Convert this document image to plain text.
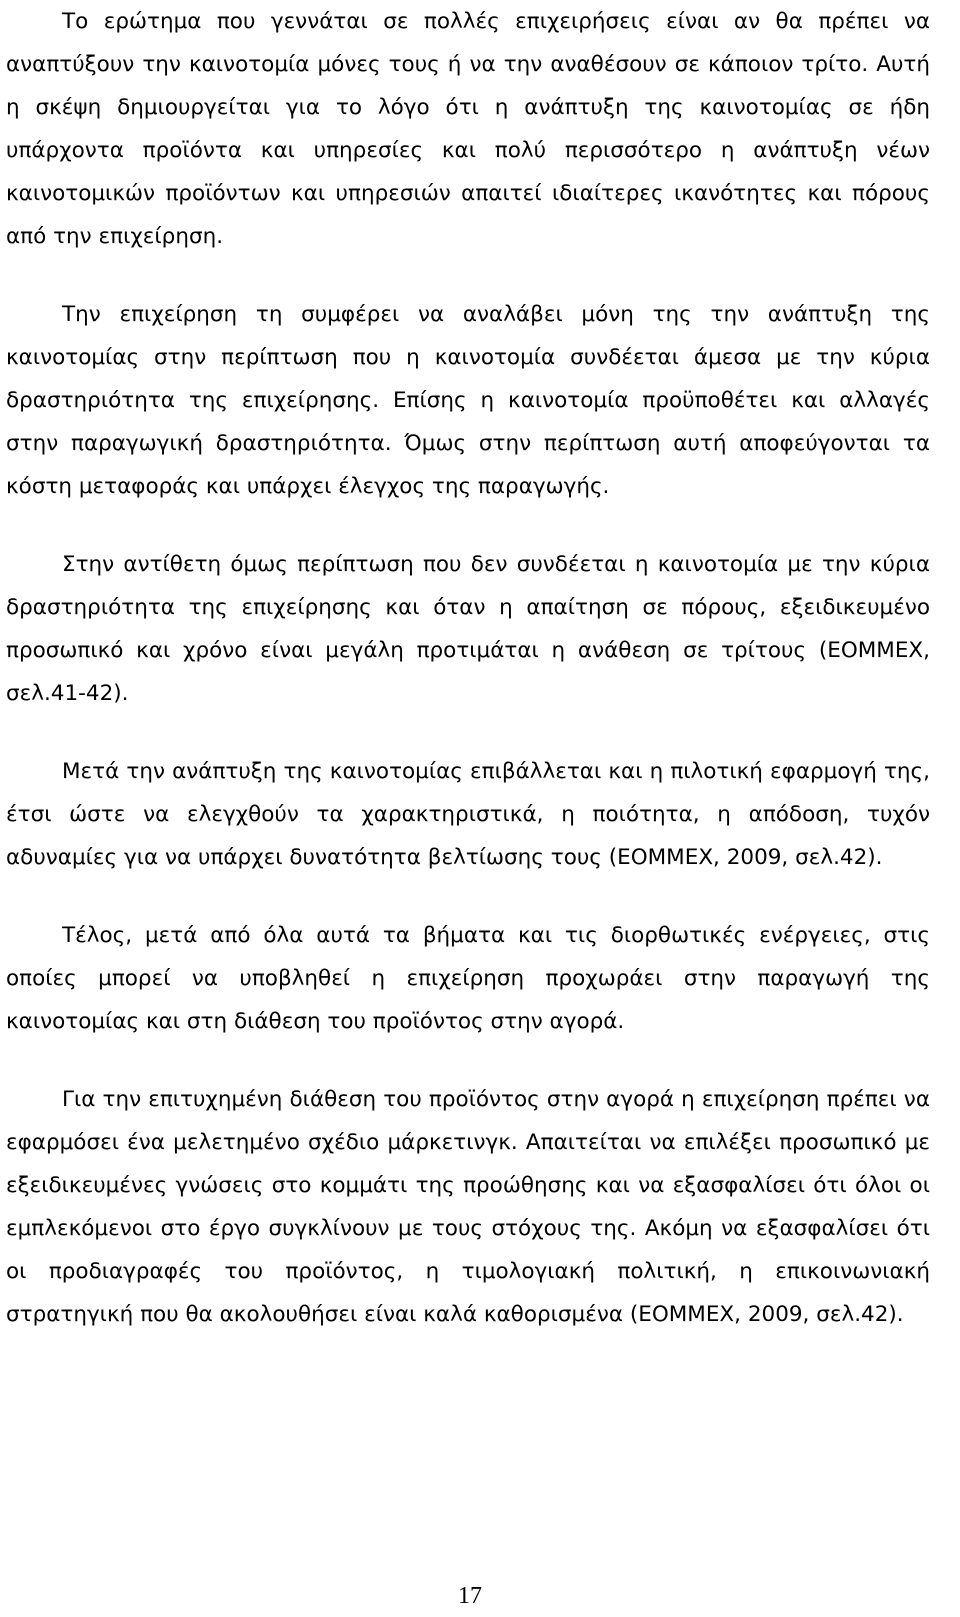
Το ερώτημα που γεννάται σε πολλές επιχειρήσεις είναι αν θα πρέπει να αναπτύξουν την καινοτομία μόνες τους ή να την αναθέσουν σε κάποιον τρίτο. Αυτή η σκέψη δημιουργείται για το λόγο ότι η ανάπτυξη της καινοτομίας σε ήδη υπάρχοντα προϊόντα και υπηρεσίες και πολύ περισσότερο η ανάπτυξη νέων καινοτομικών προϊόντων και υπηρεσιών απαιτεί ιδιαίτερες ικανότητες και πόρους από την επιχείρηση.

Την επιχείρηση τη συμφέρει να αναλάβει μόνη της την ανάπτυξη της καινοτομίας στην περίπτωση που η καινοτομία συνδέεται άμεσα με την κύρια δραστηριότητα της επιχείρησης. Επίσης η καινοτομία προϋποθέτει και αλλαγές στην παραγωγική δραστηριότητα. Όμως στην περίπτωση αυτή αποφεύγονται τα κόστη μεταφοράς και υπάρχει έλεγχος της παραγωγής.

Στην αντίθετη όμως περίπτωση που δεν συνδέεται η καινοτομία με την κύρια δραστηριότητα της επιχείρησης και όταν η απαίτηση σε πόρους, εξειδικευμένο προσωπικό και χρόνο είναι μεγάλη προτιμάται η ανάθεση σε τρίτους (ΕΟΜΜΕΧ, σελ.41-42).

Μετά την ανάπτυξη της καινοτομίας επιβάλλεται και η πιλοτική εφαρμογή της, έτσι ώστε να ελεγχθούν τα χαρακτηριστικά, η ποιότητα, η απόδοση, τυχόν αδυναμίες για να υπάρχει δυνατότητα βελτίωσης τους (ΕΟΜΜΕΧ, 2009, σελ.42).

Τέλος, μετά από όλα αυτά τα βήματα και τις διορθωτικές ενέργειες, στις οποίες μπορεί να υποβληθεί η επιχείρηση προχωράει στην παραγωγή της καινοτομίας και στη διάθεση του προϊόντος στην αγορά.

Για την επιτυχημένη διάθεση του προϊόντος στην αγορά η επιχείρηση πρέπει να εφαρμόσει ένα μελετημένο σχέδιο μάρκετινγκ. Απαιτείται να επιλέξει προσωπικό με εξειδικευμένες γνώσεις στο κομμάτι της προώθησης και να εξασφαλίσει ότι όλοι οι εμπλεκόμενοι στο έργο συγκλίνουν με τους στόχους της. Ακόμη να εξασφαλίσει ότι οι προδιαγραφές του προϊόντος, η τιμολογιακή πολιτική, η επικοινωνιακή στρατηγική που θα ακολουθήσει είναι καλά καθορισμένα (ΕΟΜΜΕΧ, 2009, σελ.42).

17
